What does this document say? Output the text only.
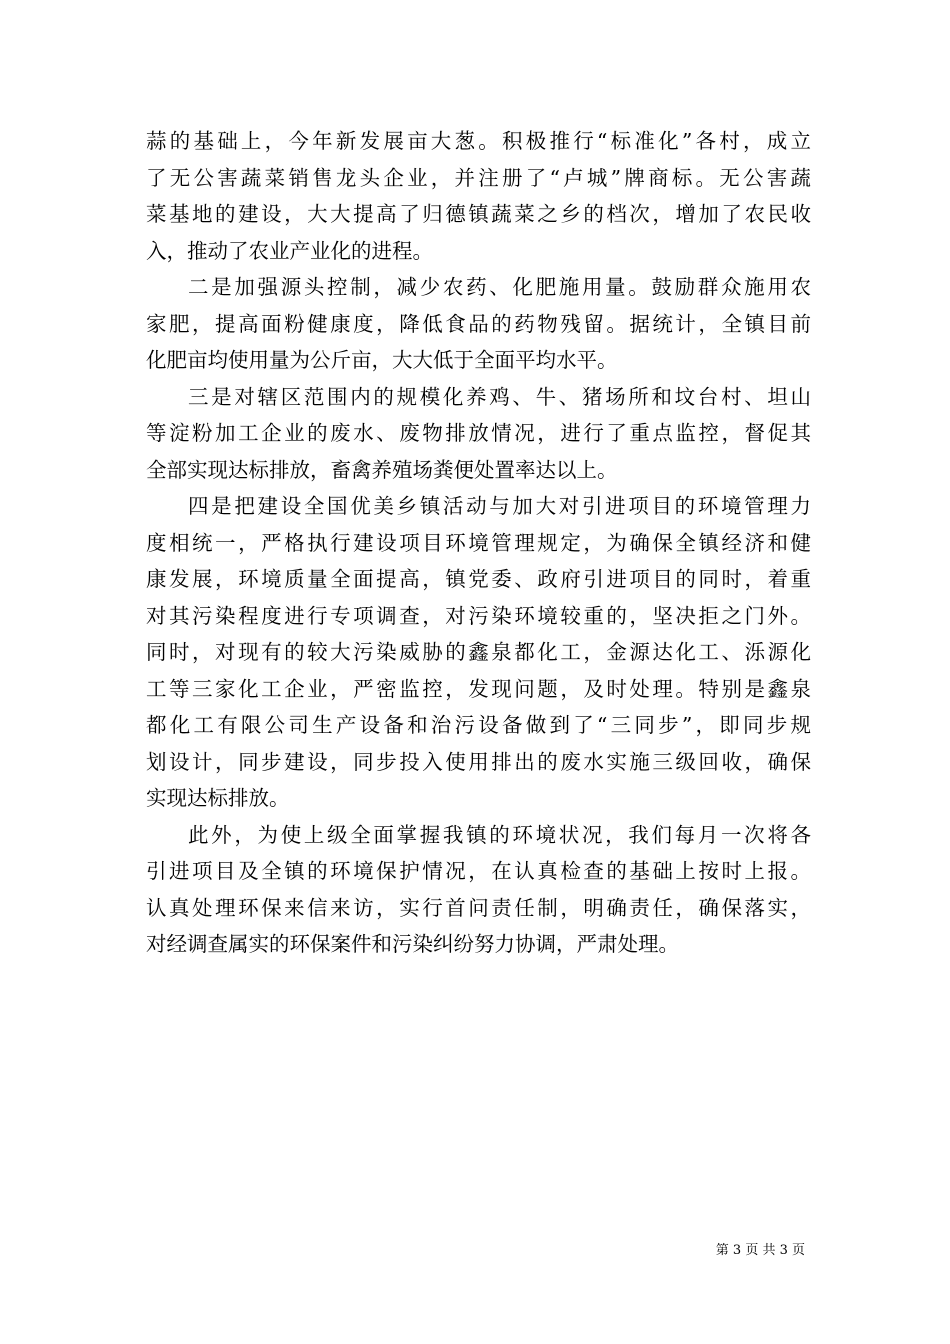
蒜的基础上，今年新发展亩大葱。积极推行“标准化”各村，成立
了无公害蔬菜销售龙头企业，并注册了“卢城”牌商标。无公害蔬
菜基地的建设，大大提高了归德镇蔬菜之乡的档次，增加了农民收
入，推动了农业产业化的进程。
二是加强源头控制，减少农药、化肥施用量。鼓励群众施用农
家肥，提高面粉健康度，降低食品的药物残留。据统计，全镇目前
化肥亩均使用量为公斤亩，大大低于全面平均水平。
三是对辖区范围内的规模化养鸡、牛、猪场所和坟台村、坦山
等淀粉加工企业的废水、废物排放情况，进行了重点监控，督促其
全部实现达标排放，畜禽养殖场粪便处置率达以上。
四是把建设全国优美乡镇活动与加大对引进项目的环境管理力
度相统一，严格执行建设项目环境管理规定，为确保全镇经济和健
康发展，环境质量全面提高，镇党委、政府引进项目的同时，着重
对其污染程度进行专项调查，对污染环境较重的，坚决拒之门外。
同时，对现有的较大污染威胁的鑫泉都化工，金源达化工、泺源化
工等三家化工企业，严密监控，发现问题，及时处理。特别是鑫泉
都化工有限公司生产设备和治污设备做到了“三同步”，即同步规
划设计，同步建设，同步投入使用排出的废水实施三级回收，确保
实现达标排放。
此外，为使上级全面掌握我镇的环境状况，我们每月一次将各
引进项目及全镇的环境保护情况，在认真检查的基础上按时上报。
认真处理环保来信来访，实行首问责任制，明确责任，确保落实，
对经调查属实的环保案件和污染纠纷努力协调，严肃处理。
第 3 页 共 3 页
